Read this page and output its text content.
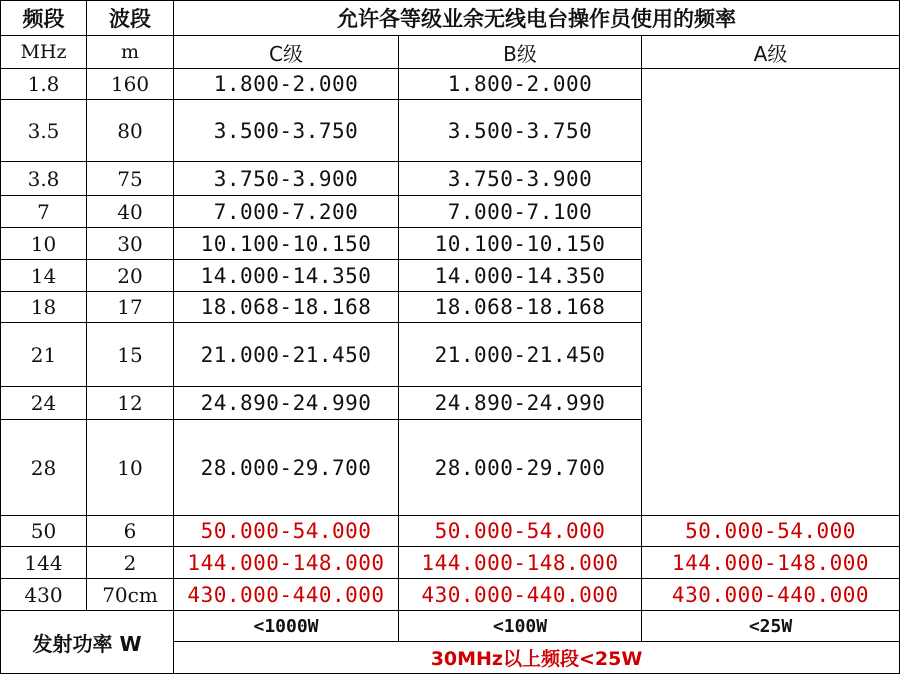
频段	波段	允许各等级业余无线电台操作员使用的频率		
MHz	m	C级	B级	A级
1.8	160	1.800-2.000	1.800-2.000	
3.5	80	3.500-3.750	3.500-3.750	
3.8	75	3.750-3.900	3.750-3.900	
7	40	7.000-7.200	7.000-7.100	
10	30	10.100-10.150	10.100-10.150	
14	20	14.000-14.350	14.000-14.350	
18	17	18.068-18.168	18.068-18.168	
21	15	21.000-21.450	21.000-21.450	
24	12	24.890-24.990	24.890-24.990	
28	10	28.000-29.700	28.000-29.700	
50	6	50.000-54.000	50.000-54.000	50.000-54.000
144	2	144.000-148.000	144.000-148.000	144.000-148.000
430	70cm	430.000-440.000	430.000-440.000	430.000-440.000
发射功率 W		<1000W	<100W	<25W
		30MHz以上频段<25W		
